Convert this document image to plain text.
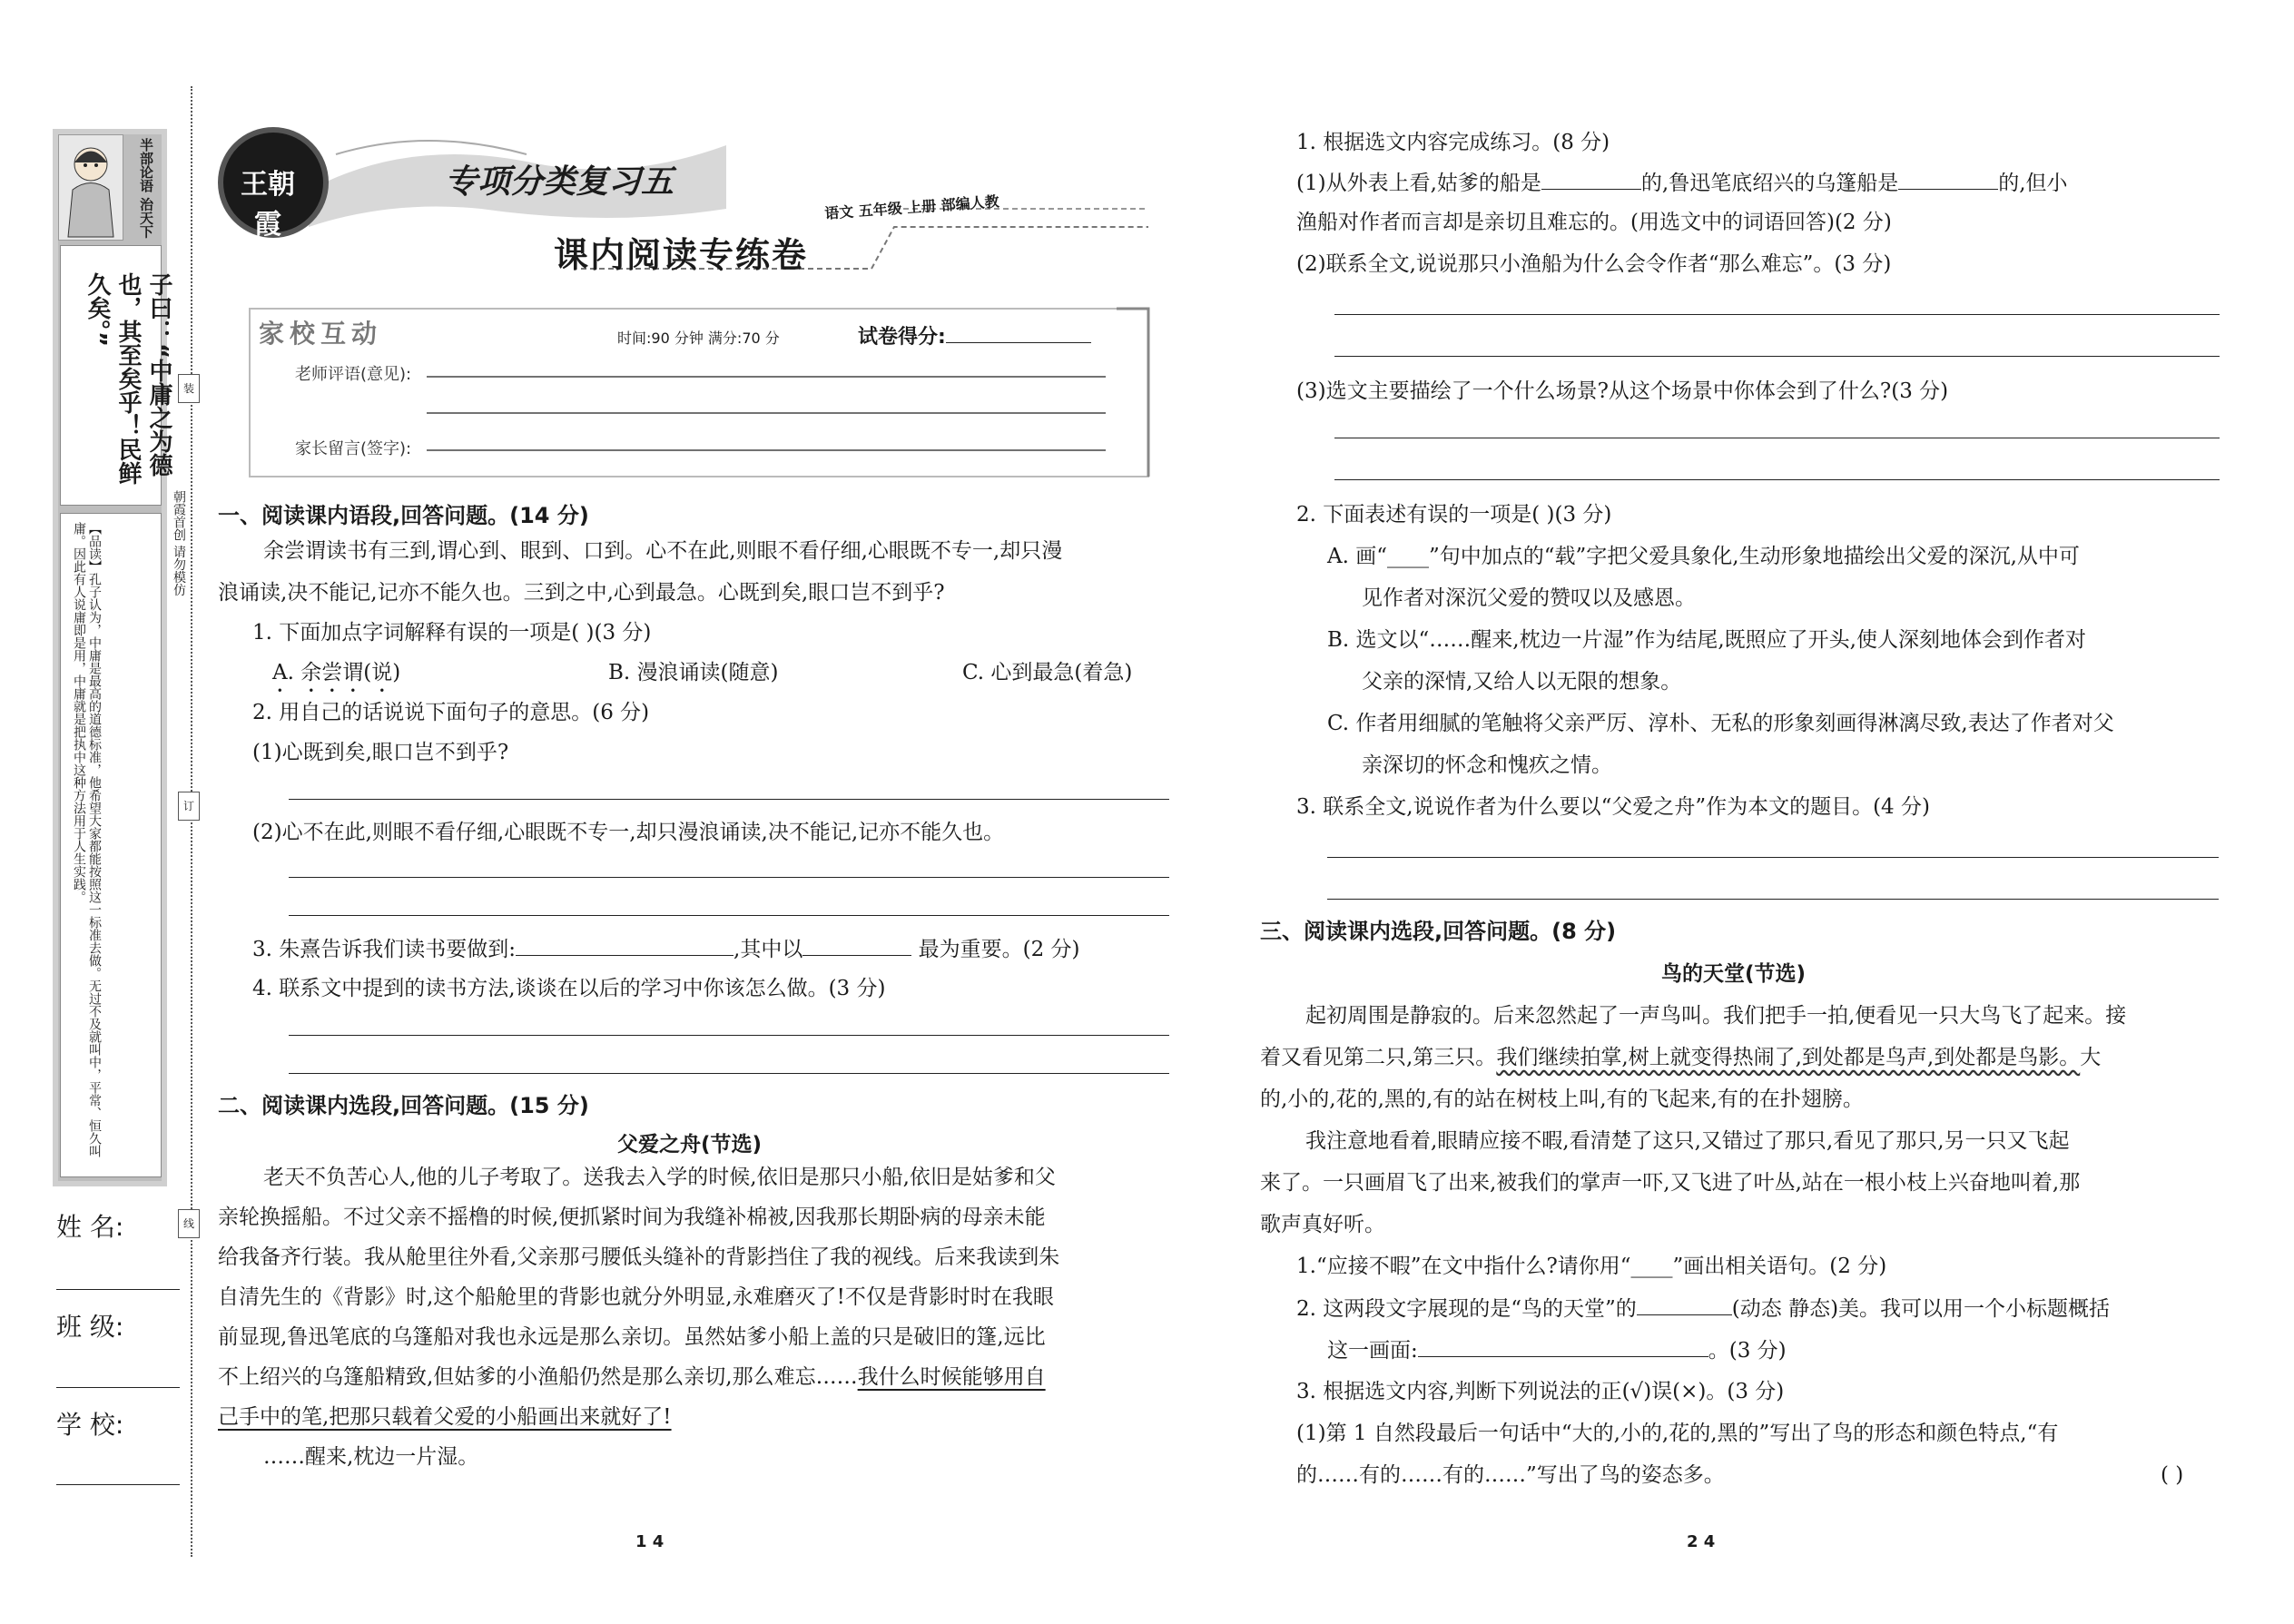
半部论语 治天下
子曰：“中庸之为德也，其至矣乎！民鲜久矣。”
【品读】孔子认为，中庸是最高的道德标准，他希望大家都能按照这一标准去做。无过不及就叫中，平常、恒久叫庸。因此有人说庸即是用，中庸就是把执中这种方法用于人生实践。
装
订
线
朝霞首创 请勿模仿
姓 名:
班 级:
学 校:
王朝霞
专项分类复习五
课内阅读专练卷
语文 五年级 上册 部编人教
家校互动	时间:90 分钟 满分:70 分	试卷得分:
老师评语(意见):
家长留言(签字):
一、阅读课内语段,回答问题。(14 分)
余尝谓读书有三到,谓心到、眼到、口到。心不在此,则眼不看仔细,心眼既不专一,却只漫
浪诵读,决不能记,记亦不能久也。三到之中,心到最急。心既到矣,眼口岂不到乎?
1. 下面加点字词解释有误的一项是( )(3 分)
A. 余尝谓(说)	B. 漫浪诵读(随意)	C. 心到最急(着急)
2. 用自己的话说说下面句子的意思。(6 分)
(1)心既到矣,眼口岂不到乎?
(2)心不在此,则眼不看仔细,心眼既不专一,却只漫浪诵读,决不能记,记亦不能久也。
3. 朱熹告诉我们读书要做到:	,其中以	最为重要。(2 分)
4. 联系文中提到的读书方法,谈谈在以后的学习中你该怎么做。(3 分)
二、阅读课内选段,回答问题。(15 分)
父爱之舟(节选)
老天不负苦心人,他的儿子考取了。送我去入学的时候,依旧是那只小船,依旧是姑爹和父
亲轮换摇船。不过父亲不摇橹的时候,便抓紧时间为我缝补棉被,因我那长期卧病的母亲未能
给我备齐行装。我从舱里往外看,父亲那弓腰低头缝补的背影挡住了我的视线。后来我读到朱
自清先生的《背影》时,这个船舱里的背影也就分外明显,永难磨灭了!不仅是背影时时在我眼
前显现,鲁迅笔底的乌篷船对我也永远是那么亲切。虽然姑爹小船上盖的只是破旧的篷,远比
不上绍兴的乌篷船精致,但姑爹的小渔船仍然是那么亲切,那么难忘……我什么时候能够用自
己手中的笔,把那只载着父爱的小船画出来就好了!
……醒来,枕边一片湿。
1 4
1. 根据选文内容完成练习。(8 分)
(1)从外表上看,姑爹的船是	的,鲁迅笔底绍兴的乌篷船是	的,但小
渔船对作者而言却是亲切且难忘的。(用选文中的词语回答)(2 分)
(2)联系全文,说说那只小渔船为什么会令作者“那么难忘”。(3 分)
(3)选文主要描绘了一个什么场景?从这个场景中你体会到了什么?(3 分)
2. 下面表述有误的一项是( )(3 分)
A. 画“____”句中加点的“载”字把父爱具象化,生动形象地描绘出父爱的深沉,从中可
见作者对深沉父爱的赞叹以及感恩。
B. 选文以“……醒来,枕边一片湿”作为结尾,既照应了开头,使人深刻地体会到作者对
父亲的深情,又给人以无限的想象。
C. 作者用细腻的笔触将父亲严厉、淳朴、无私的形象刻画得淋漓尽致,表达了作者对父
亲深切的怀念和愧疚之情。
3. 联系全文,说说作者为什么要以“父爱之舟”作为本文的题目。(4 分)
三、阅读课内选段,回答问题。(8 分)
鸟的天堂(节选)
起初周围是静寂的。后来忽然起了一声鸟叫。我们把手一拍,便看见一只大鸟飞了起来。接
着又看见第二只,第三只。我们继续拍掌,树上就变得热闹了,到处都是鸟声,到处都是鸟影。大
的,小的,花的,黑的,有的站在树枝上叫,有的飞起来,有的在扑翅膀。
我注意地看着,眼睛应接不暇,看清楚了这只,又错过了那只,看见了那只,另一只又飞起
来了。一只画眉飞了出来,被我们的掌声一吓,又飞进了叶丛,站在一根小枝上兴奋地叫着,那
歌声真好听。
1.“应接不暇”在文中指什么?请你用“____”画出相关语句。(2 分)
2. 这两段文字展现的是“鸟的天堂”的	(动态 静态)美。我可以用一个小标题概括
这一画面:	。(3 分)
3. 根据选文内容,判断下列说法的正(√)误(×)。(3 分)
(1)第 1 自然段最后一句话中“大的,小的,花的,黑的”写出了鸟的形态和颜色特点,“有
的……有的……有的……”写出了鸟的姿态多。	( )
2 4
